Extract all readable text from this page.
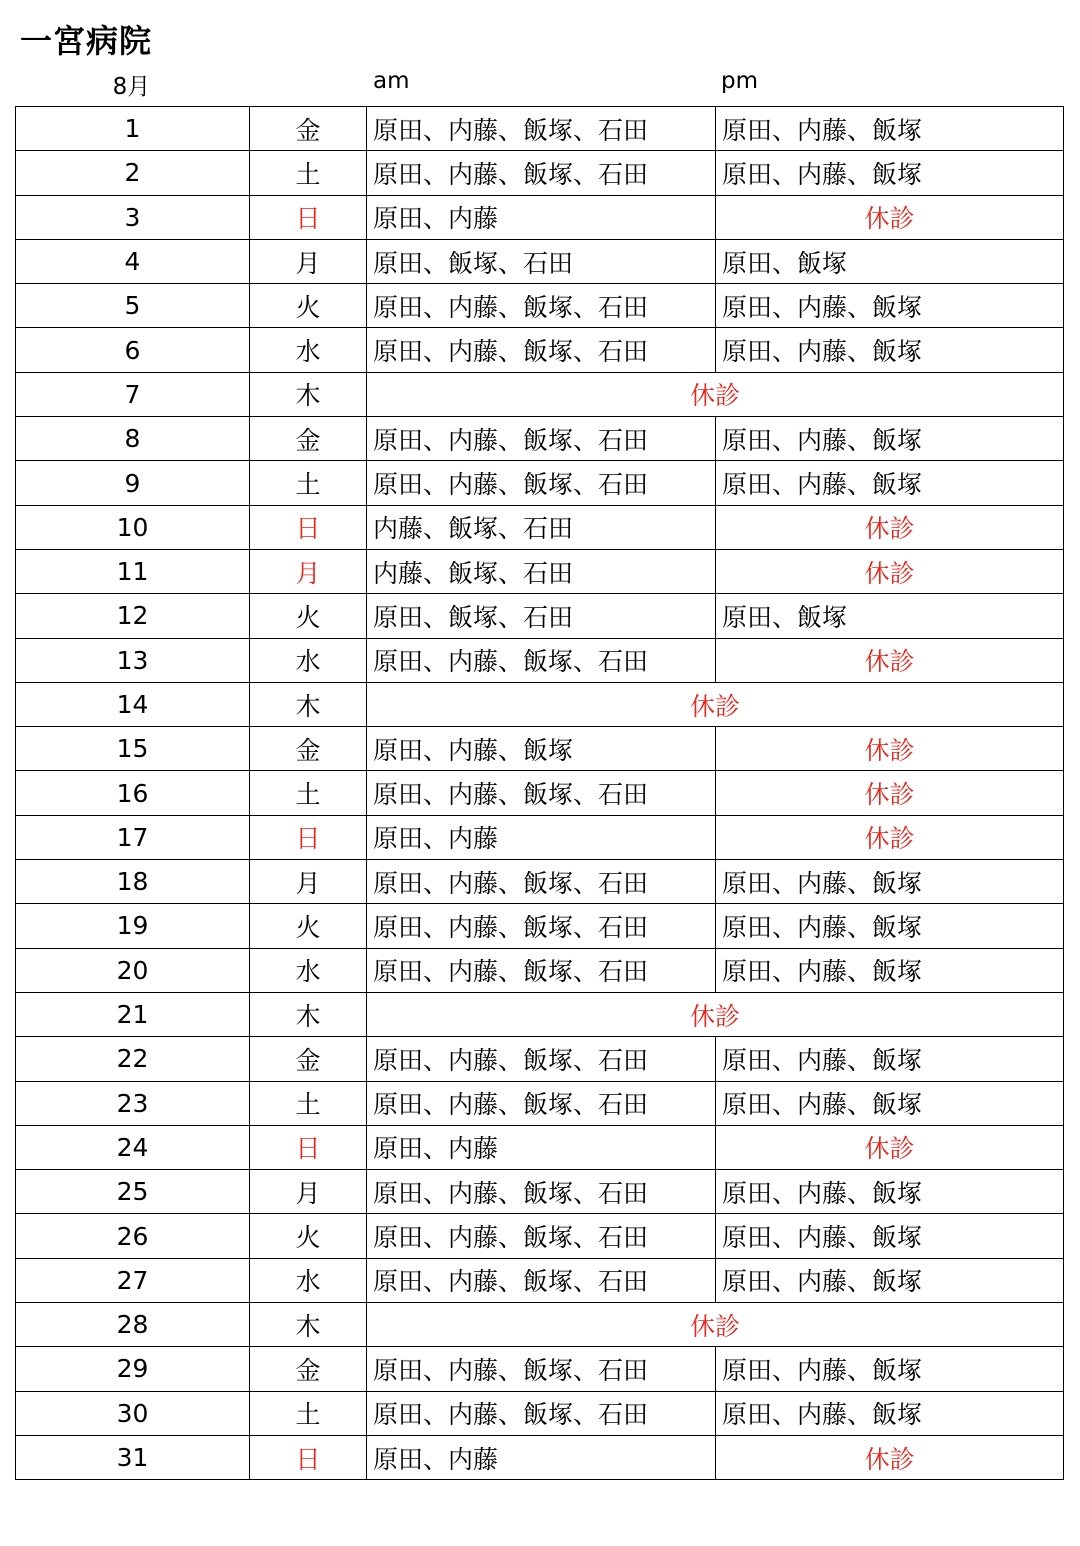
一宮病院
8月	am	pm
1	金	原田、内藤、飯塚、石田	原田、内藤、飯塚
2	土	原田、内藤、飯塚、石田	原田、内藤、飯塚
3	日	原田、内藤	休診
4	月	原田、飯塚、石田	原田、飯塚
5	火	原田、内藤、飯塚、石田	原田、内藤、飯塚
6	水	原田、内藤、飯塚、石田	原田、内藤、飯塚
7	木	休診	
8	金	原田、内藤、飯塚、石田	原田、内藤、飯塚
9	土	原田、内藤、飯塚、石田	原田、内藤、飯塚
10	日	内藤、飯塚、石田	休診
11	月	内藤、飯塚、石田	休診
12	火	原田、飯塚、石田	原田、飯塚
13	水	原田、内藤、飯塚、石田	休診
14	木	休診	
15	金	原田、内藤、飯塚	休診
16	土	原田、内藤、飯塚、石田	休診
17	日	原田、内藤	休診
18	月	原田、内藤、飯塚、石田	原田、内藤、飯塚
19	火	原田、内藤、飯塚、石田	原田、内藤、飯塚
20	水	原田、内藤、飯塚、石田	原田、内藤、飯塚
21	木	休診	
22	金	原田、内藤、飯塚、石田	原田、内藤、飯塚
23	土	原田、内藤、飯塚、石田	原田、内藤、飯塚
24	日	原田、内藤	休診
25	月	原田、内藤、飯塚、石田	原田、内藤、飯塚
26	火	原田、内藤、飯塚、石田	原田、内藤、飯塚
27	水	原田、内藤、飯塚、石田	原田、内藤、飯塚
28	木	休診	
29	金	原田、内藤、飯塚、石田	原田、内藤、飯塚
30	土	原田、内藤、飯塚、石田	原田、内藤、飯塚
31	日	原田、内藤	休診
